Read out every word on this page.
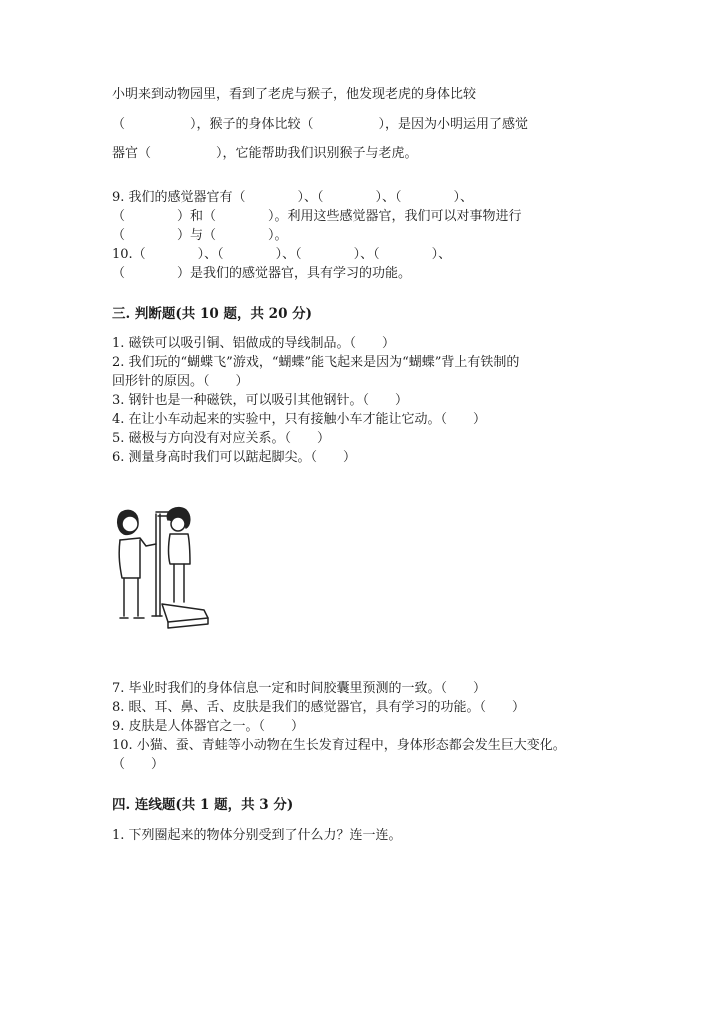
小明来到动物园里，看到了老虎与猴子，他发现老虎的身体比较
（　　　　　），猴子的身体比较（　　　　　），是因为小明运用了感觉
器官（　　　　　），它能帮助我们识别猴子与老虎。
9. 我们的感觉器官有（　　　　）、（　　　　）、（　　　　）、
（　　　　）和（　　　　）。利用这些感觉器官，我们可以对事物进行
（　　　　）与（　　　　）。
10.（　　　　）、（　　　　）、（　　　　）、（　　　　）、
（　　　　）是我们的感觉器官，具有学习的功能。
三. 判断题(共 10 题，共 20 分)
1. 磁铁可以吸引铜、铝做成的导线制品。（　　）
2. 我们玩的“蝴蝶飞”游戏，“蝴蝶”能飞起来是因为“蝴蝶”背上有铁制的
回形针的原因。（　　）
3. 钢针也是一种磁铁，可以吸引其他钢针。（　　）
4. 在让小车动起来的实验中，只有接触小车才能让它动。（　　）
5. 磁极与方向没有对应关系。（　　）
6. 测量身高时我们可以踮起脚尖。（　　）
7. 毕业时我们的身体信息一定和时间胶囊里预测的一致。（　　）
8. 眼、耳、鼻、舌、皮肤是我们的感觉器官，具有学习的功能。（　　）
9. 皮肤是人体器官之一。（　　）
10. 小猫、蚕、青蛙等小动物在生长发育过程中，身体形态都会发生巨大变化。
（　　）
四. 连线题(共 1 题，共 3 分)
1. 下列圈起来的物体分别受到了什么力？连一连。
